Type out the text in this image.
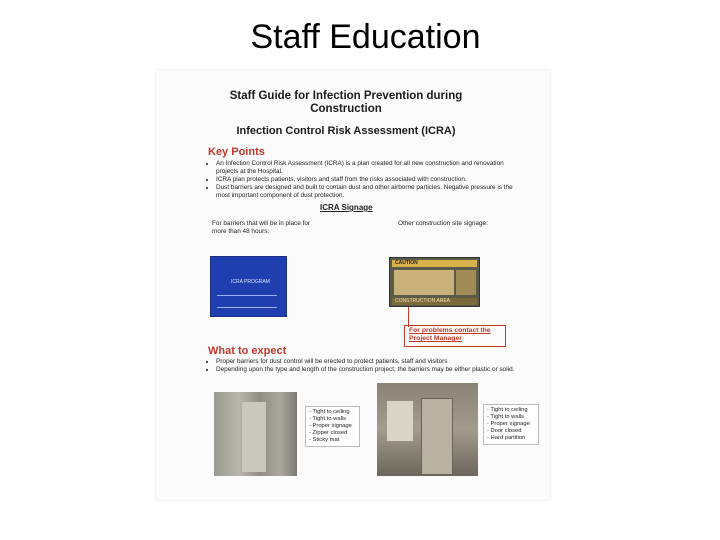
Staff Education
Staff Guide for Infection Prevention during
Construction
Infection Control Risk Assessment (ICRA)
Key Points
• An Infection Control Risk Assessment (ICRA) is a plan created for all new construction and renovation projects at the Hospital.
• ICRA plan protects patients, visitors and staff from the risks associated with construction.
• Dust barriers are designed and built to contain dust and other airborne particles. Negative pressure is the most important component of dust protection.
ICRA Signage
For barriers that will be in place for more than 48 hours:
Other construction site signage:
ICRA PROGRAM
CAUTION
CONSTRUCTION AREA
For problems contact the Project Manager
What to expect
• Proper barriers for dust control will be erected to protect patients, staff and visitors
• Depending upon the type and length of the construction project, the barriers may be either plastic or solid.
- Tight to ceiling
- Tight to walls
- Proper signage
- Zipper closed
- Sticky mat
- Tight to ceiling
- Tight to walls
- Proper signage
- Door closed
- Hard partition
